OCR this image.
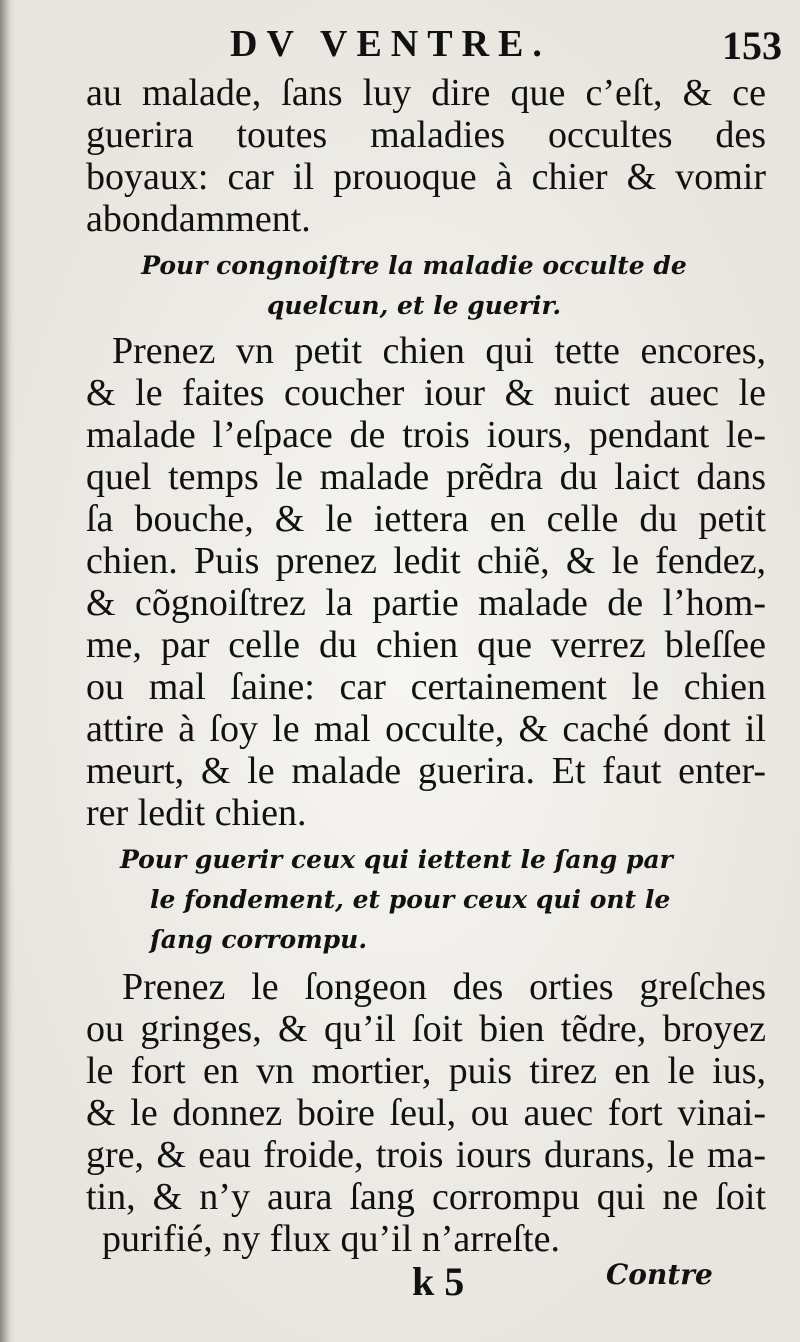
DV VENTRE.	153
au malade, ſans luy dire que c’eſt, & ce
guerira toutes maladies occultes des
boyaux: car il prouoque à chier & vomir
abondamment.
Pour congnoiſtre la maladie occulte de
quelcun, et le guerir.
Prenez vn petit chien qui tette encores,
& le faites coucher iour & nuict auec le
malade l’eſpace de trois iours, pendant le-
quel temps le malade prẽdra du laict dans
ſa bouche, & le iettera en celle du petit
chien. Puis prenez ledit chiẽ, & le fendez,
& cõgnoiſtrez la partie malade de l’hom-
me, par celle du chien que verrez bleſſee
ou mal ſaine: car certainement le chien
attire à ſoy le mal occulte, & caché dont il
meurt, & le malade guerira. Et faut enter-
rer ledit chien.
Pour guerir ceux qui iettent le ſang par
le fondement, et pour ceux qui ont le
ſang corrompu.
Prenez le ſongeon des orties greſches
ou gringes, & qu’il ſoit bien tẽdre, broyez
le fort en vn mortier, puis tirez en le ius,
& le donnez boire ſeul, ou auec fort vinai-
gre, & eau froide, trois iours durans, le ma-
tin, & n’y aura ſang corrompu qui ne ſoit
purifié, ny flux qu’il n’arreſte.
k 5	Contre
